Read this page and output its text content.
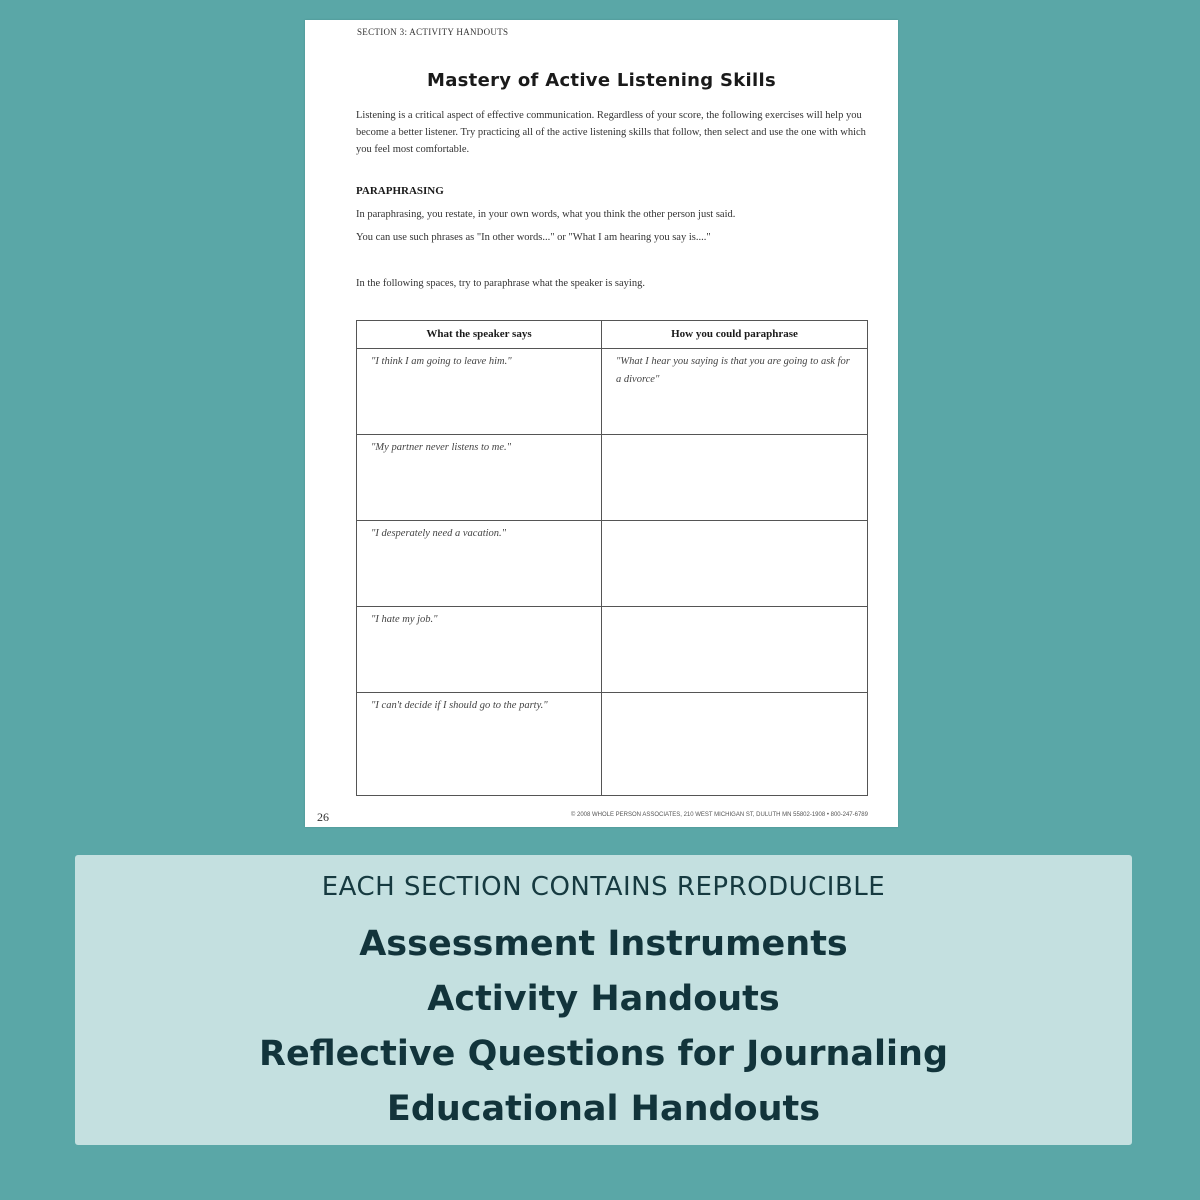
SECTION 3: ACTIVITY HANDOUTS
Mastery of Active Listening Skills
Listening is a critical aspect of effective communication. Regardless of your score, the following exercises will help you become a better listener. Try practicing all of the active listening skills that follow, then select and use the one with which you feel most comfortable.
PARAPHRASING
In paraphrasing, you restate, in your own words, what you think the other person just said.
You can use such phrases as "In other words..." or "What I am hearing you say is...."
In the following spaces, try to paraphrase what the speaker is saying.
What the speaker says	How you could paraphrase
"I think I am going to leave him."	"What I hear you saying is that you are going to ask for a divorce"
"My partner never listens to me."
"I desperately need a vacation."
"I hate my job."
"I can't decide if I should go to the party."
26	© 2008 WHOLE PERSON ASSOCIATES, 210 WEST MICHIGAN ST, DULUTH MN 55802-1908 • 800-247-6789
EACH SECTION CONTAINS REPRODUCIBLE
Assessment Instruments
Activity Handouts
Reflective Questions for Journaling
Educational Handouts
